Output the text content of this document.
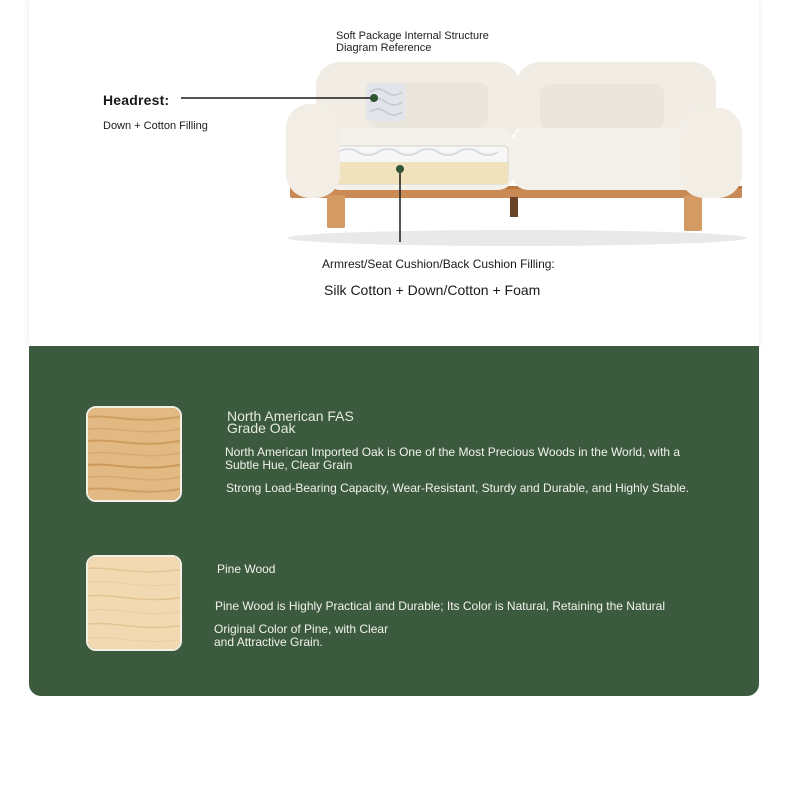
Soft Package Internal Structure
Diagram Reference
Headrest:
Down + Cotton Filling
Armrest/Seat Cushion/Back Cushion Filling:
Silk Cotton + Down/Cotton + Foam
North American FAS
Grade Oak
North American Imported Oak is One of the Most Precious Woods in the World, with a
Subtle Hue, Clear Grain
Strong Load-Bearing Capacity, Wear-Resistant, Sturdy and Durable, and Highly Stable.
Pine Wood
Pine Wood is Highly Practical and Durable; Its Color is Natural, Retaining the Natural
Original Color of Pine, with Clear
and Attractive Grain.
